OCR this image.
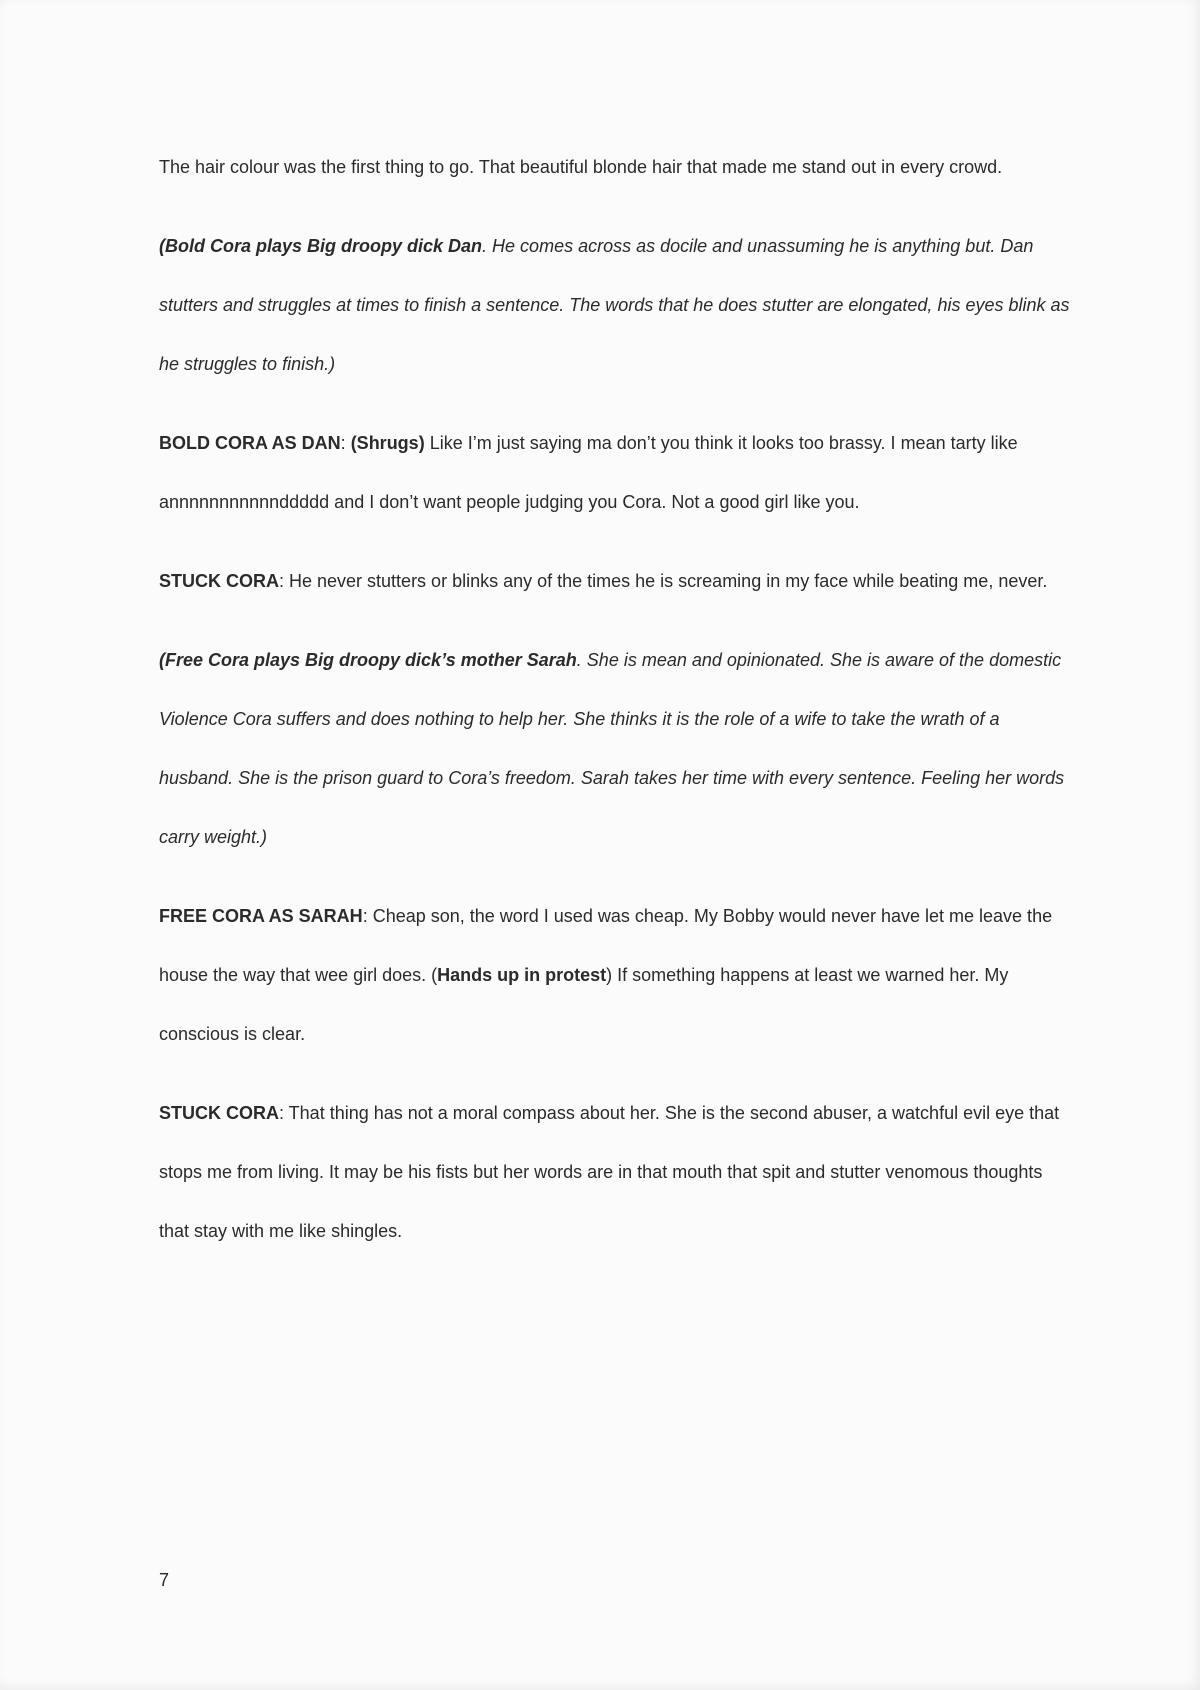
The hair colour was the first thing to go. That beautiful blonde hair that made me stand out in every crowd.

(Bold Cora plays Big droopy dick Dan. He comes across as docile and unassuming he is anything but. Dan stutters and struggles at times to finish a sentence. The words that he does stutter are elongated, his eyes blink as he struggles to finish.)

BOLD CORA AS DAN: (Shrugs) Like I’m just saying ma don’t you think it looks too brassy. I mean tarty like annnnnnnnnnnddddd and I don’t want people judging you Cora. Not a good girl like you.

STUCK CORA: He never stutters or blinks any of the times he is screaming in my face while beating me, never.

(Free Cora plays Big droopy dick’s mother Sarah. She is mean and opinionated. She is aware of the domestic Violence Cora suffers and does nothing to help her. She thinks it is the role of a wife to take the wrath of a husband. She is the prison guard to Cora’s freedom. Sarah takes her time with every sentence. Feeling her words carry weight.)

FREE CORA AS SARAH: Cheap son, the word I used was cheap. My Bobby would never have let me leave the house the way that wee girl does. (Hands up in protest) If something happens at least we warned her. My conscious is clear.

STUCK CORA: That thing has not a moral compass about her. She is the second abuser, a watchful evil eye that stops me from living. It may be his fists but her words are in that mouth that spit and stutter venomous thoughts that stay with me like shingles.

7
